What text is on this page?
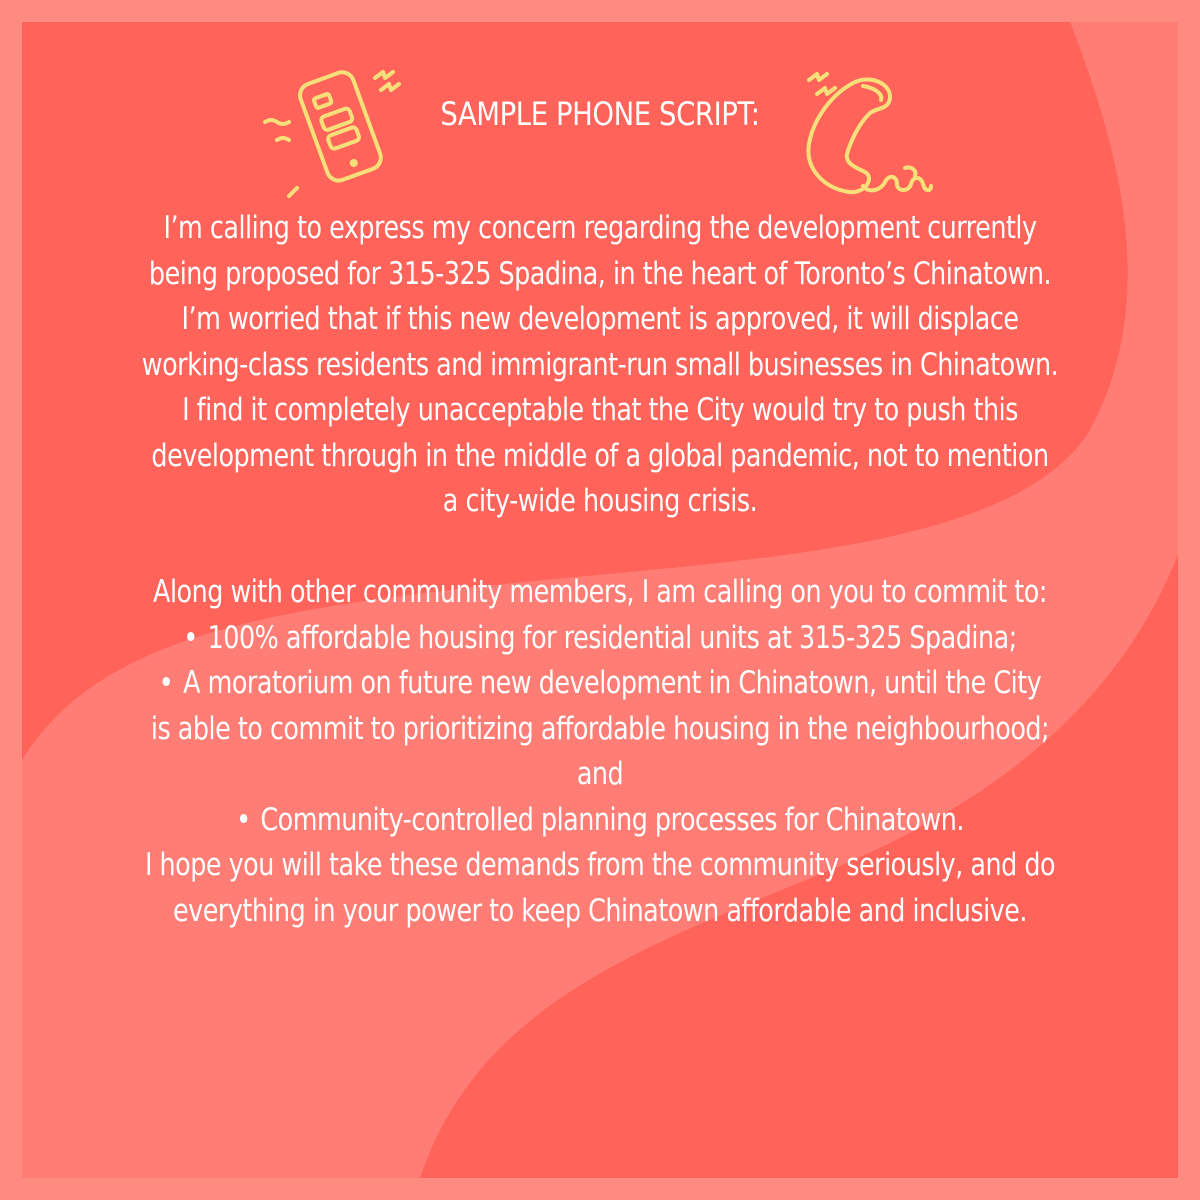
SAMPLE PHONE SCRIPT:
I’m calling to express my concern regarding the development currently
being proposed for 315-325 Spadina, in the heart of Toronto’s Chinatown.
I’m worried that if this new development is approved, it will displace
working-class residents and immigrant-run small businesses in Chinatown.
I find it completely unacceptable that the City would try to push this
development through in the middle of a global pandemic, not to mention
a city-wide housing crisis.
Along with other community members, I am calling on you to commit to:
• 100% affordable housing for residential units at 315-325 Spadina;
• A moratorium on future new development in Chinatown, until the City
is able to commit to prioritizing affordable housing in the neighbourhood;
and
• Community-controlled planning processes for Chinatown.
I hope you will take these demands from the community seriously, and do
everything in your power to keep Chinatown affordable and inclusive.
